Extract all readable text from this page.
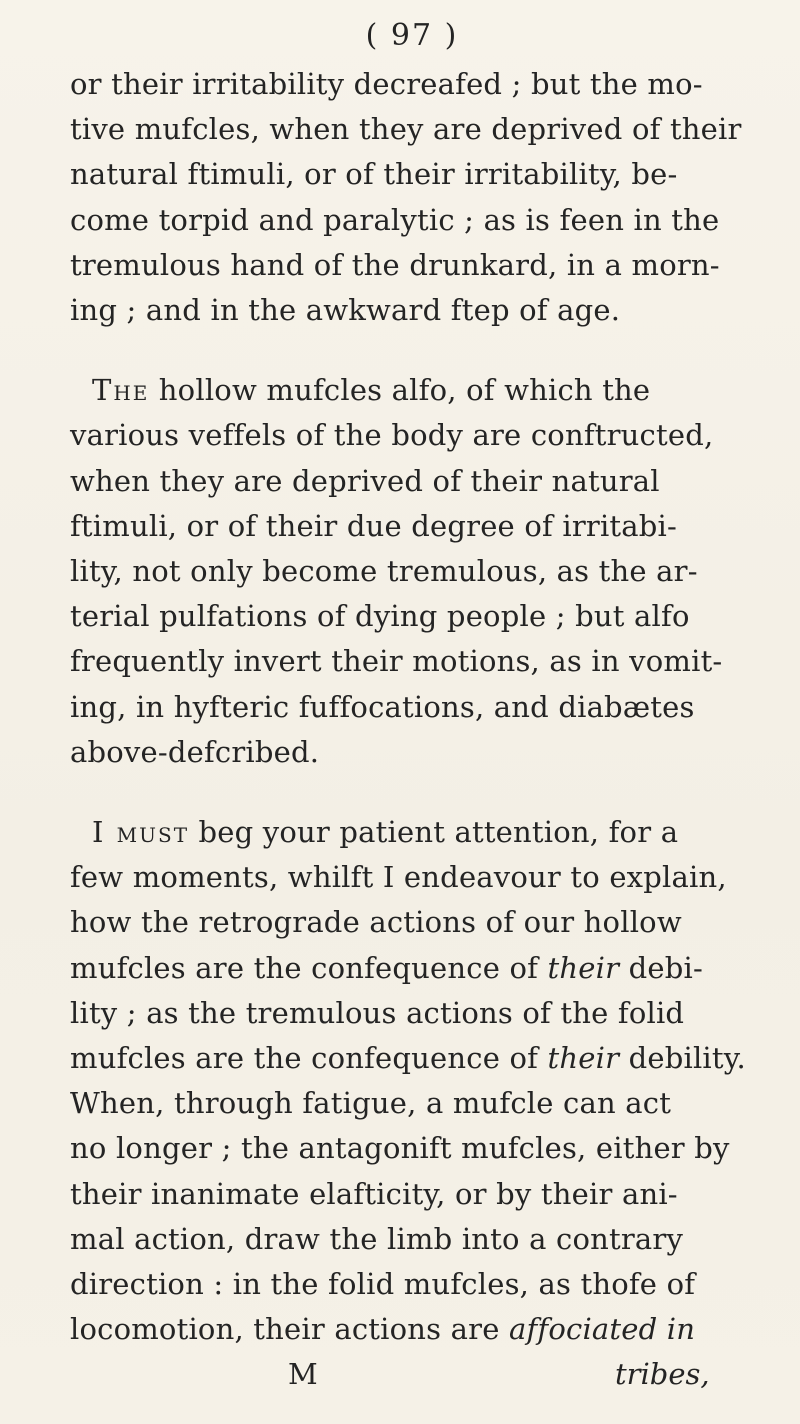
( 97 )
or their irritability decreafed ; but the mo-
tive mufcles, when they are deprived of their
natural ftimuli, or of their irritability, be-
come torpid and paralytic ; as is feen in the
tremulous hand of the drunkard, in a morn-
ing ; and in the awkward ftep of age.
The hollow mufcles alfo, of which the
various veffels of the body are conftructed,
when they are deprived of their natural
ftimuli, or of their due degree of irritabi-
lity, not only become tremulous, as the ar-
terial pulfations of dying people ; but alfo
frequently invert their motions, as in vomit-
ing, in hyfteric fuffocations, and diabætes
above-defcribed.
I must beg your patient attention, for a
few moments, whilft I endeavour to explain,
how the retrograde actions of our hollow
mufcles are the confequence of their debi-
lity ; as the tremulous actions of the folid
mufcles are the confequence of their debility.
When, through fatigue, a mufcle can act
no longer ; the antagonift mufcles, either by
their inanimate elafticity, or by their ani-
mal action, draw the limb into a contrary
direction : in the folid mufcles, as thofe of
locomotion, their actions are affociated in
M	tribes,
